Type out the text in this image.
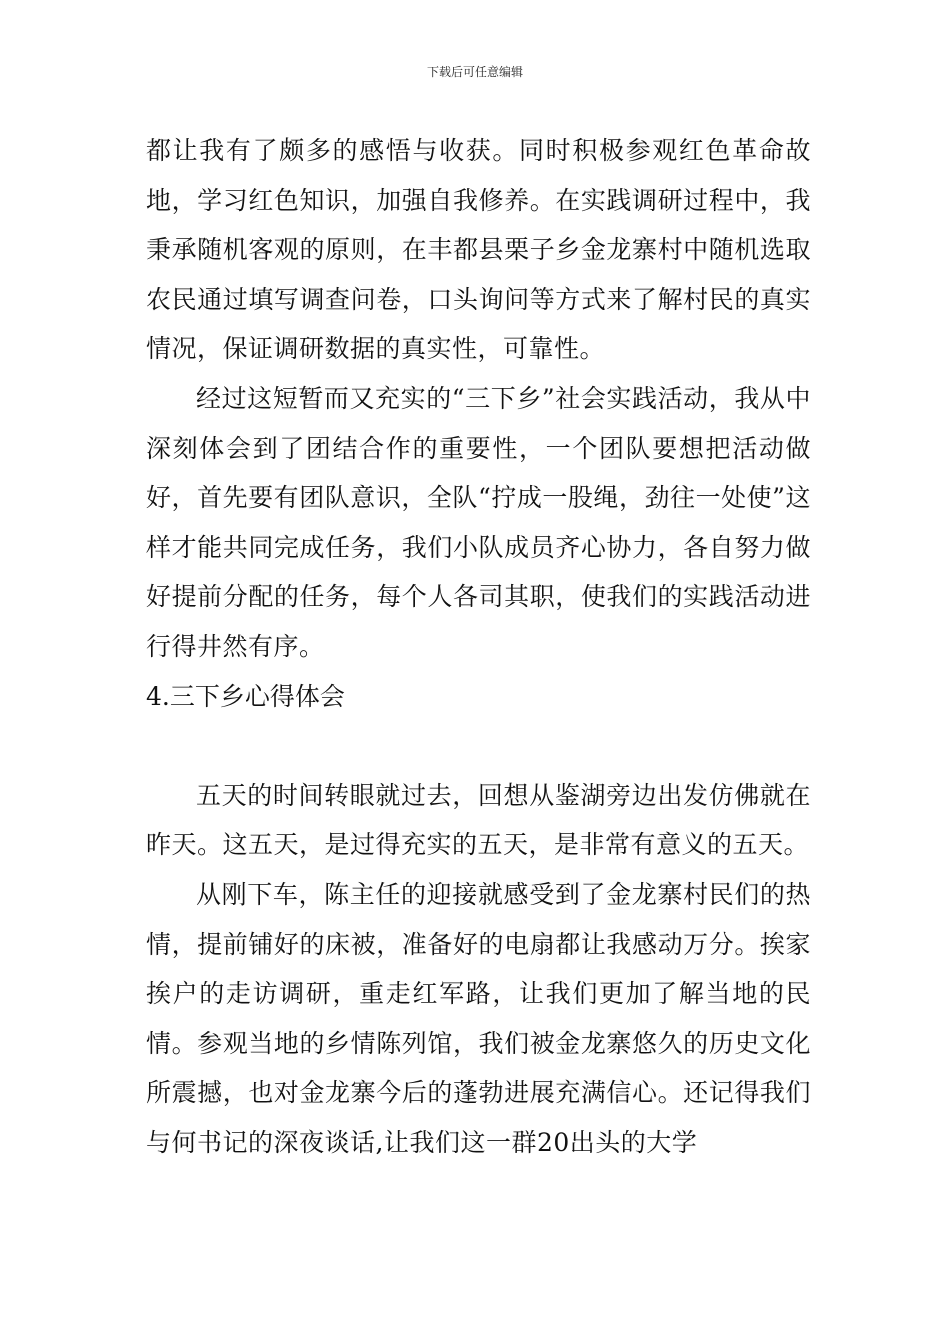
下载后可任意编辑

都让我有了颇多的感悟与收获。同时积极参观红色革命故地，学习红色知识，加强自我修养。在实践调研过程中，我秉承随机客观的原则，在丰都县栗子乡金龙寨村中随机选取农民通过填写调查问卷，口头询问等方式来了解村民的真实情况，保证调研数据的真实性，可靠性。

经过这短暂而又充实的“三下乡”社会实践活动，我从中深刻体会到了团结合作的重要性，一个团队要想把活动做好，首先要有团队意识，全队“拧成一股绳，劲往一处使”这样才能共同完成任务，我们小队成员齐心协力，各自努力做好提前分配的任务，每个人各司其职，使我们的实践活动进行得井然有序。

4.三下乡心得体会

五天的时间转眼就过去，回想从鉴湖旁边出发仿佛就在昨天。这五天，是过得充实的五天，是非常有意义的五天。

从刚下车，陈主任的迎接就感受到了金龙寨村民们的热情，提前铺好的床被，准备好的电扇都让我感动万分。挨家挨户的走访调研，重走红军路，让我们更加了解当地的民情。参观当地的乡情陈列馆，我们被金龙寨悠久的历史文化所震撼，也对金龙寨今后的蓬勃进展充满信心。还记得我们与何书记的深夜谈话,让我们这一群20出头的大学
